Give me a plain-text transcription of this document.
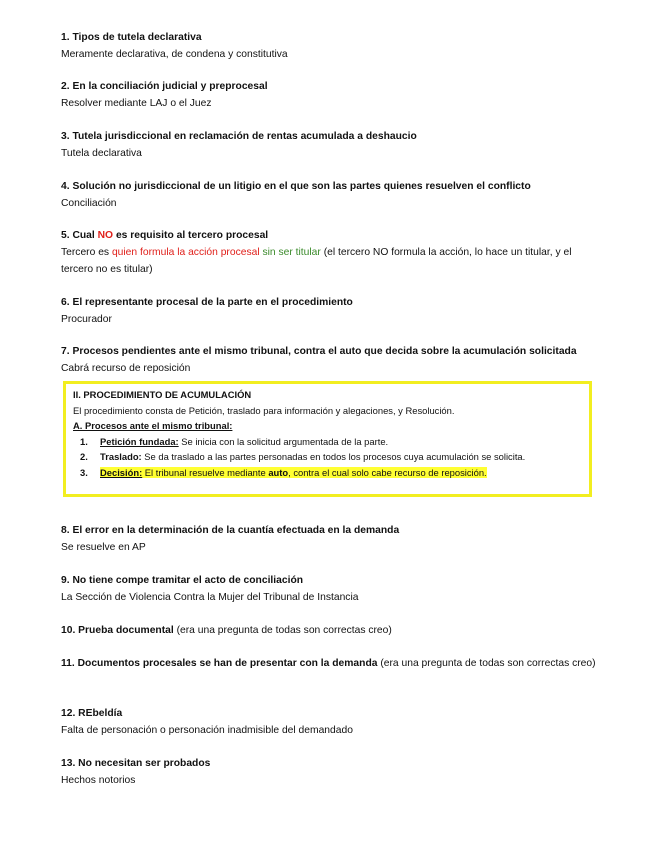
1. Tipos de tutela declarativa

Meramente declarativa, de condena y constitutiva

2. En la conciliación judicial y preprocesal

Resolver mediante LAJ o el Juez

3. Tutela jurisdiccional en reclamación de rentas acumulada a deshaucio

Tutela declarativa

4. Solución no jurisdiccional de un litigio en el que son las partes quienes resuelven el conflicto

Conciliación

5. Cual NO es requisito al tercero procesal

Tercero es quien formula la acción procesal sin ser titular (el tercero NO formula la acción, lo hace un titular, y el tercero no es titular)

6. El representante procesal de la parte en el procedimiento

Procurador

7. Procesos pendientes ante el mismo tribunal, contra el auto que decida sobre la acumulación solicitada

Cabrá recurso de reposición

II. PROCEDIMIENTO DE ACUMULACIÓN

El procedimiento consta de Petición, traslado para información y alegaciones, y Resolución.

A. Procesos ante el mismo tribunal:

1. Petición fundada: Se inicia con la solicitud argumentada de la parte.
2. Traslado: Se da traslado a las partes personadas en todos los procesos cuya acumulación se solicita.
3. Decisión: El tribunal resuelve mediante auto, contra el cual solo cabe recurso de reposición.

8. El error en la determinación de la cuantía efectuada en la demanda

Se resuelve en AP

9. No tiene compe tramitar el acto de conciliación

La Sección de Violencia Contra la Mujer del Tribunal de Instancia

10. Prueba documental (era una pregunta de todas son correctas creo)

11. Documentos procesales se han de presentar con la demanda (era una pregunta de todas son correctas creo)

12. REbeldía

Falta de personación o personación inadmisible del demandado

13. No necesitan ser probados

Hechos notorios
